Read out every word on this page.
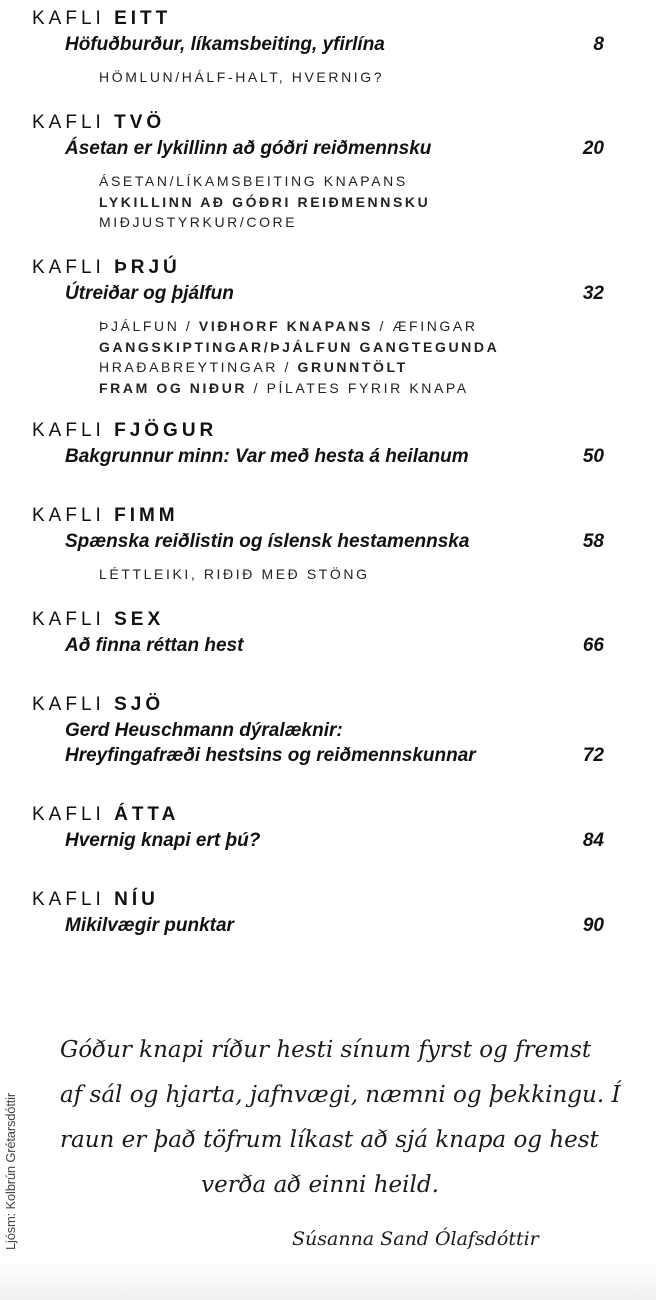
KAFLI EITT
Höfuðburður, líkamsbeiting, yfirlína	8
HÖMLUN/HÁLF-HALT, HVERNIG?
KAFLI TVÖ
Ásetan er lykillinn að góðri reiðmennsku	20
ÁSETAN/LÍKAMSBEITING KNAPANS
LYKILLINN AÐ GÓÐRI REIÐMENNSKU
MIÐJUSTYRKUR/CORE
KAFLI ÞRJÚ
Útreiðar og þjálfun	32
ÞJÁLFUN / VIÐHORF KNAPANS / ÆFINGAR
GANGSKIPTINGAR/ÞJÁLFUN GANGTEGUNDA
HRAÐABREYTINGAR / GRUNNTÖLT
FRAM OG NIÐUR / PÍLATES FYRIR KNAPA
KAFLI FJÖGUR
Bakgrunnur minn: Var með hesta á heilanum	50
KAFLI FIMM
Spænska reiðlistin og íslensk hestamennska	58
LÉTTLEIKI, RIÐIÐ MEÐ STÖNG
KAFLI SEX
Að finna réttan hest	66
KAFLI SJÖ
Gerd Heuschmann dýralæknir:
Hreyfingafræði hestsins og reiðmennskunnar	72
KAFLI ÁTTA
Hvernig knapi ert þú?	84
KAFLI NÍU
Mikilvægir punktar	90
Góður knapi ríður hesti sínum fyrst og fremst
af sál og hjarta, jafnvægi, næmni og þekkingu. Í
raun er það töfrum líkast að sjá knapa og hest
verða að einni heild.
Súsanna Sand Ólafsdóttir
Ljósm: Kolbrún Grétarsdóttir
